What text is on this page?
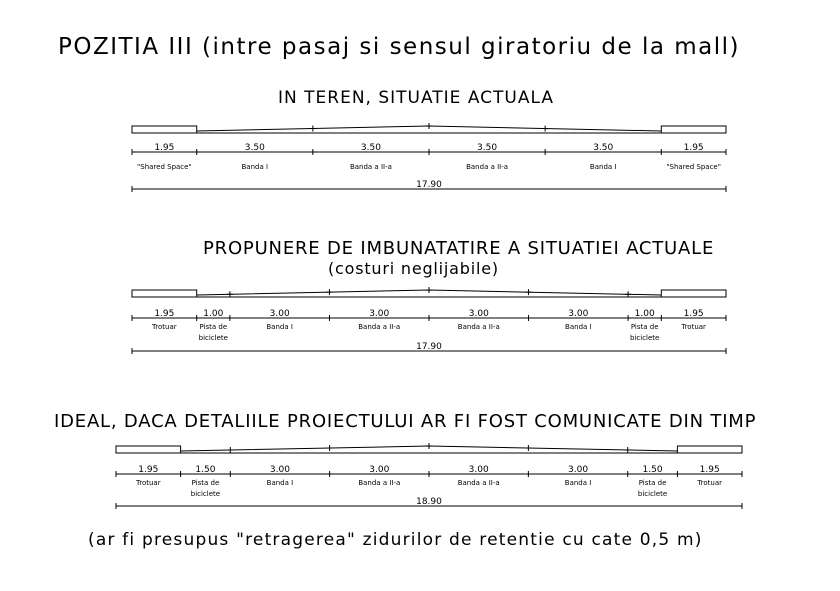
POZITIA III (intre pasaj si sensul giratoriu de la mall)
IN TEREN, SITUATIE ACTUALA
PROPUNERE DE IMBUNATATIRE A SITUATIEI ACTUALE
(costuri neglijabile)
IDEAL, DACA DETALIILE PROIECTULUI AR FI FOST COMUNICATE DIN TIMP
(ar fi presupus "retragerea" zidurilor de retentie cu cate 0,5 m)
1.95
"Shared Space"
3.50
Banda I
3.50
Banda a II-a
3.50
Banda a II-a
3.50
Banda I
1.95
"Shared Space"
17.90
1.95
Trotuar
1.00
Pista de
biciclete
3.00
Banda I
3.00
Banda a II-a
3.00
Banda a II-a
3.00
Banda I
1.00
Pista de
biciclete
1.95
Trotuar
17.90
1.95
Trotuar
1.50
Pista de
biciclete
3.00
Banda I
3.00
Banda a II-a
3.00
Banda a II-a
3.00
Banda I
1.50
Pista de
biciclete
1.95
Trotuar
18.90
